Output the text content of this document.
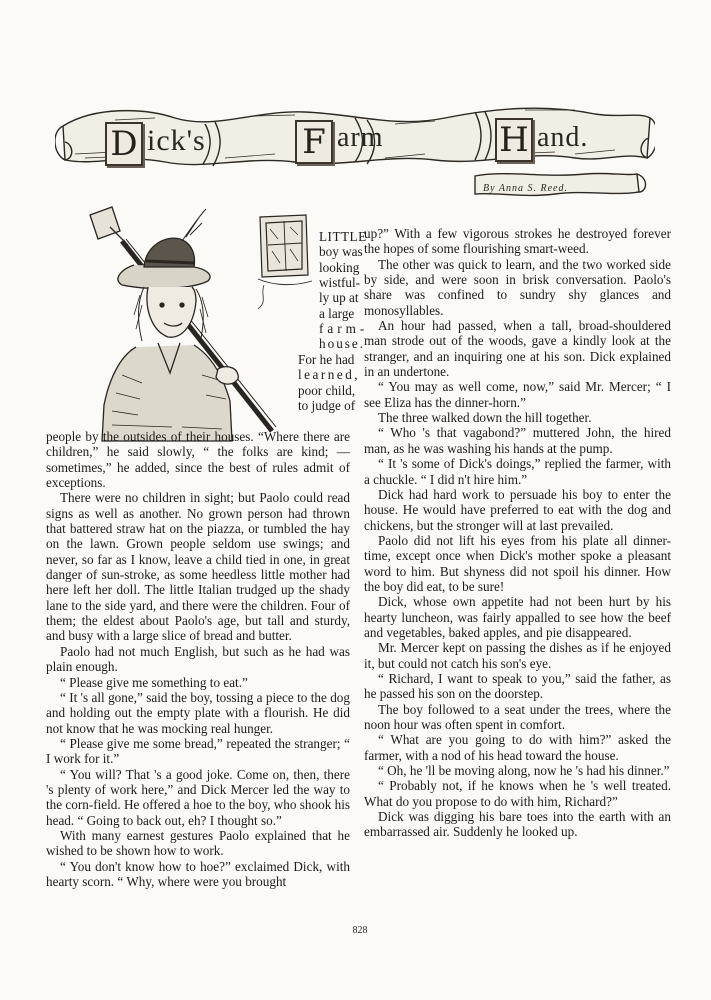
D ick's	F arm	H and.
By Anna S. Reed.
LITTLE
boy was
looking
wistful-
ly up at
a large
farm-
house.
For he had
learned,
poor child,
to judge of

people by the outsides of their houses. “Where there are children,” he said slowly, “ the folks are kind; — sometimes,” he added, since the best of rules admit of exceptions.

There were no children in sight; but Paolo could read signs as well as another. No grown person had thrown that battered straw hat on the piazza, or tumbled the hay on the lawn. Grown people seldom use swings; and never, so far as I know, leave a child tied in one, in great danger of sun-stroke, as some heedless little mother had here left her doll. The little Italian trudged up the shady lane to the side yard, and there were the children. Four of them; the eldest about Paolo's age, but tall and sturdy, and busy with a large slice of bread and butter.

Paolo had not much English, but such as he had was plain enough.

“ Please give me something to eat.”

“ It 's all gone,” said the boy, tossing a piece to the dog and holding out the empty plate with a flourish. He did not know that he was mocking real hunger.

“ Please give me some bread,” repeated the stranger; “ I work for it.”

“ You will? That 's a good joke. Come on, then, there 's plenty of work here,” and Dick Mercer led the way to the corn-field. He offered a hoe to the boy, who shook his head. “ Going to back out, eh? I thought so.”

With many earnest gestures Paolo explained that he wished to be shown how to work.

“ You don't know how to hoe?” exclaimed Dick, with hearty scorn. “ Why, where were you brought

up?” With a few vigorous strokes he destroyed forever the hopes of some flourishing smart-weed.

The other was quick to learn, and the two worked side by side, and were soon in brisk conversation. Paolo's share was confined to sundry shy glances and monosyllables.

An hour had passed, when a tall, broad-shouldered man strode out of the woods, gave a kindly look at the stranger, and an inquiring one at his son. Dick explained in an undertone.

“ You may as well come, now,” said Mr. Mercer; “ I see Eliza has the dinner-horn.”

The three walked down the hill together.

“ Who 's that vagabond?” muttered John, the hired man, as he was washing his hands at the pump.

“ It 's some of Dick's doings,” replied the farmer, with a chuckle. “ I did n't hire him.”

Dick had hard work to persuade his boy to enter the house. He would have preferred to eat with the dog and chickens, but the stronger will at last prevailed.

Paolo did not lift his eyes from his plate all dinner-time, except once when Dick's mother spoke a pleasant word to him. But shyness did not spoil his dinner. How the boy did eat, to be sure!

Dick, whose own appetite had not been hurt by his hearty luncheon, was fairly appalled to see how the beef and vegetables, baked apples, and pie disappeared.

Mr. Mercer kept on passing the dishes as if he enjoyed it, but could not catch his son's eye.

“ Richard, I want to speak to you,” said the father, as he passed his son on the doorstep.

The boy followed to a seat under the trees, where the noon hour was often spent in comfort.

“ What are you going to do with him?” asked the farmer, with a nod of his head toward the house.

“ Oh, he 'll be moving along, now he 's had his dinner.”

“ Probably not, if he knows when he 's well treated. What do you propose to do with him, Richard?”

Dick was digging his bare toes into the earth with an embarrassed air. Suddenly he looked up.

828
